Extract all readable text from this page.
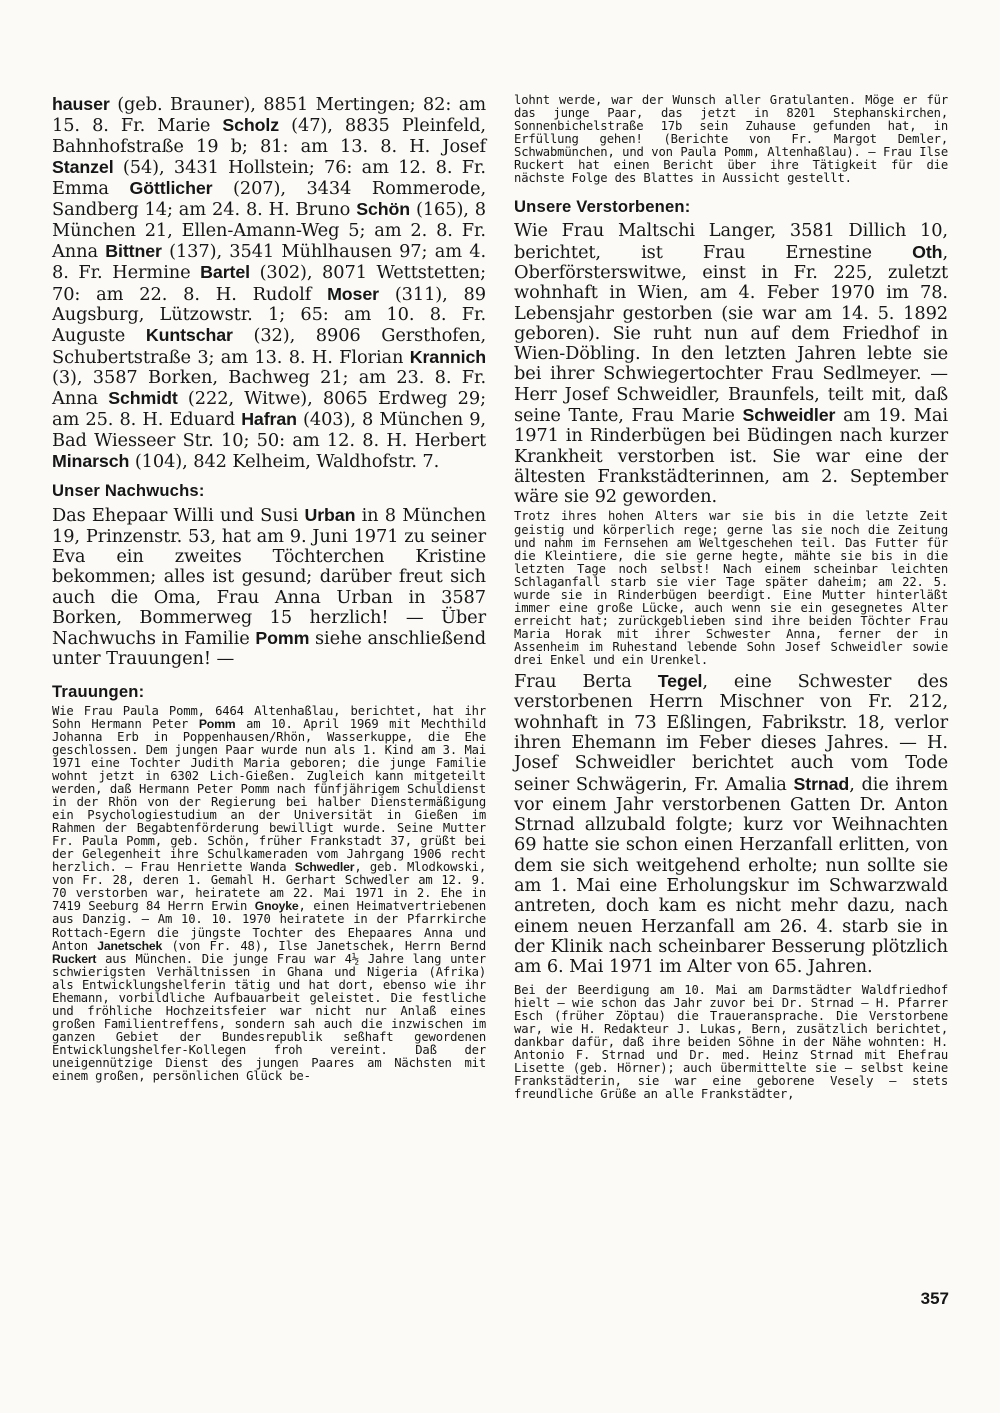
hauser (geb. Brauner), 8851 Mertingen; 82: am 15. 8. Fr. Marie Scholz (47), 8835 Pleinfeld, Bahnhofstraße 19 b; 81: am 13. 8. H. Josef Stanzel (54), 3431 Hollstein; 76: am 12. 8. Fr. Emma Göttlicher (207), 3434 Rommerode, Sandberg 14; am 24. 8. H. Bruno Schön (165), 8 München 21, Ellen-Amann-Weg 5; am 2. 8. Fr. Anna Bittner (137), 3541 Mühlhausen 97; am 4. 8. Fr. Hermine Bartel (302), 8071 Wettstetten; 70: am 22. 8. H. Rudolf Moser (311), 89 Augsburg, Lützowstr. 1; 65: am 10. 8. Fr. Auguste Kuntschar (32), 8906 Gersthofen, Schubertstraße 3; am 13. 8. H. Florian Krannich (3), 3587 Borken, Bachweg 21; am 23. 8. Fr. Anna Schmidt (222, Witwe), 8065 Erdweg 29; am 25. 8. H. Eduard Hafran (403), 8 München 9, Bad Wiesseer Str. 10; 50: am 12. 8. H. Herbert Minarsch (104), 842 Kelheim, Waldhofstr. 7.

Unser Nachwuchs:

Das Ehepaar Willi und Susi Urban in 8 München 19, Prinzenstr. 53, hat am 9. Juni 1971 zu seiner Eva ein zweites Töchterchen Kristine bekommen; alles ist gesund; darüber freut sich auch die Oma, Frau Anna Urban in 3587 Borken, Bommerweg 15 herzlich! — Über Nachwuchs in Familie Pomm siehe anschließend unter Trauungen! —

Trauungen:

Wie Frau Paula Pomm, 6464 Altenhaßlau, berichtet, hat ihr Sohn Hermann Peter Pomm am 10. April 1969 mit Mechthild Johanna Erb in Poppenhausen/Rhön, Wasserkuppe, die Ehe geschlossen. Dem jungen Paar wurde nun als 1. Kind am 3. Mai 1971 eine Tochter Judith Maria geboren; die junge Familie wohnt jetzt in 6302 Lich-Gießen. Zugleich kann mitgeteilt werden, daß Hermann Peter Pomm nach fünfjährigem Schuldienst in der Rhön von der Regierung bei halber Dienstermäßigung ein Psychologiestudium an der Universität in Gießen im Rahmen der Begabtenförderung bewilligt wurde. Seine Mutter Fr. Paula Pomm, geb. Schön, früher Frankstadt 37, grüßt bei der Gelegenheit ihre Schulkameraden vom Jahrgang 1906 recht herzlich. — Frau Henriette Wanda Schwedler, geb. Mlodkowski, von Fr. 28, deren 1. Gemahl H. Gerhart Schwedler am 12. 9. 70 verstorben war, heiratete am 22. Mai 1971 in 2. Ehe in 7419 Seeburg 84 Herrn Erwin Gnoyke, einen Heimatvertriebenen aus Danzig. — Am 10. 10. 1970 heiratete in der Pfarrkirche Rottach-Egern die jüngste Tochter des Ehepaares Anna und Anton Janetschek (von Fr. 48), Ilse Janetschek, Herrn Bernd Ruckert aus München. Die junge Frau war 4½ Jahre lang unter schwierigsten Verhältnissen in Ghana und Nigeria (Afrika) als Entwicklungshelferin tätig und hat dort, ebenso wie ihr Ehemann, vorbildliche Aufbauarbeit geleistet. Die festliche und fröhliche Hochzeitsfeier war nicht nur Anlaß eines großen Familientreffens, sondern sah auch die inzwischen im ganzen Gebiet der Bundesrepublik seßhaft gewordenen Entwicklungshelfer-Kollegen froh vereint. Daß der uneigennützige Dienst des jungen Paares am Nächsten mit einem großen, persönlichen Glück be-

lohnt werde, war der Wunsch aller Gratulanten. Möge er für das junge Paar, das jetzt in 8201 Stephanskirchen, Sonnenbichelstraße 17b sein Zuhause gefunden hat, in Erfüllung gehen! (Berichte von Fr. Margot Demler, Schwabmünchen, und von Paula Pomm, Altenhaßlau). — Frau Ilse Ruckert hat einen Bericht über ihre Tätigkeit für die nächste Folge des Blattes in Aussicht gestellt.

Unsere Verstorbenen:

Wie Frau Maltschi Langer, 3581 Dillich 10, berichtet, ist Frau Ernestine Oth, Oberförsterswitwe, einst in Fr. 225, zuletzt wohnhaft in Wien, am 4. Feber 1970 im 78. Lebensjahr gestorben (sie war am 14. 5. 1892 geboren). Sie ruht nun auf dem Friedhof in Wien-Döbling. In den letzten Jahren lebte sie bei ihrer Schwiegertochter Frau Sedlmeyer. — Herr Josef Schweidler, Braunfels, teilt mit, daß seine Tante, Frau Marie Schweidler am 19. Mai 1971 in Rinderbügen bei Büdingen nach kurzer Krankheit verstorben ist. Sie war eine der ältesten Frankstädterinnen, am 2. September wäre sie 92 geworden.

Trotz ihres hohen Alters war sie bis in die letzte Zeit geistig und körperlich rege; gerne las sie noch die Zeitung und nahm im Fernsehen am Weltgeschehen teil. Das Futter für die Kleintiere, die sie gerne hegte, mähte sie bis in die letzten Tage noch selbst! Nach einem scheinbar leichten Schlaganfall starb sie vier Tage später daheim; am 22. 5. wurde sie in Rinderbügen beerdigt. Eine Mutter hinterläßt immer eine große Lücke, auch wenn sie ein gesegnetes Alter erreicht hat; zurückgeblieben sind ihre beiden Töchter Frau Maria Horak mit ihrer Schwester Anna, ferner der in Assenheim im Ruhestand lebende Sohn Josef Schweidler sowie drei Enkel und ein Urenkel.

Frau Berta Tegel, eine Schwester des verstorbenen Herrn Mischner von Fr. 212, wohnhaft in 73 Eßlingen, Fabrikstr. 18, verlor ihren Ehemann im Feber dieses Jahres. — H. Josef Schweidler berichtet auch vom Tode seiner Schwägerin, Fr. Amalia Strnad, die ihrem vor einem Jahr verstorbenen Gatten Dr. Anton Strnad allzubald folgte; kurz vor Weihnachten 69 hatte sie schon einen Herzanfall erlitten, von dem sie sich weitgehend erholte; nun sollte sie am 1. Mai eine Erholungskur im Schwarzwald antreten, doch kam es nicht mehr dazu, nach einem neuen Herzanfall am 26. 4. starb sie in der Klinik nach scheinbarer Besserung plötzlich am 6. Mai 1971 im Alter von 65. Jahren.

Bei der Beerdigung am 10. Mai am Darmstädter Waldfriedhof hielt — wie schon das Jahr zuvor bei Dr. Strnad — H. Pfarrer Esch (früher Zöptau) die Traueransprache. Die Verstorbene war, wie H. Redakteur J. Lukas, Bern, zusätzlich berichtet, dankbar dafür, daß ihre beiden Söhne in der Nähe wohnten: H. Antonio F. Strnad und Dr. med. Heinz Strnad mit Ehefrau Lisette (geb. Hörner); auch übermittelte sie — selbst keine Frankstädterin, sie war eine geborene Vesely — stets freundliche Grüße an alle Frankstädter,

357
